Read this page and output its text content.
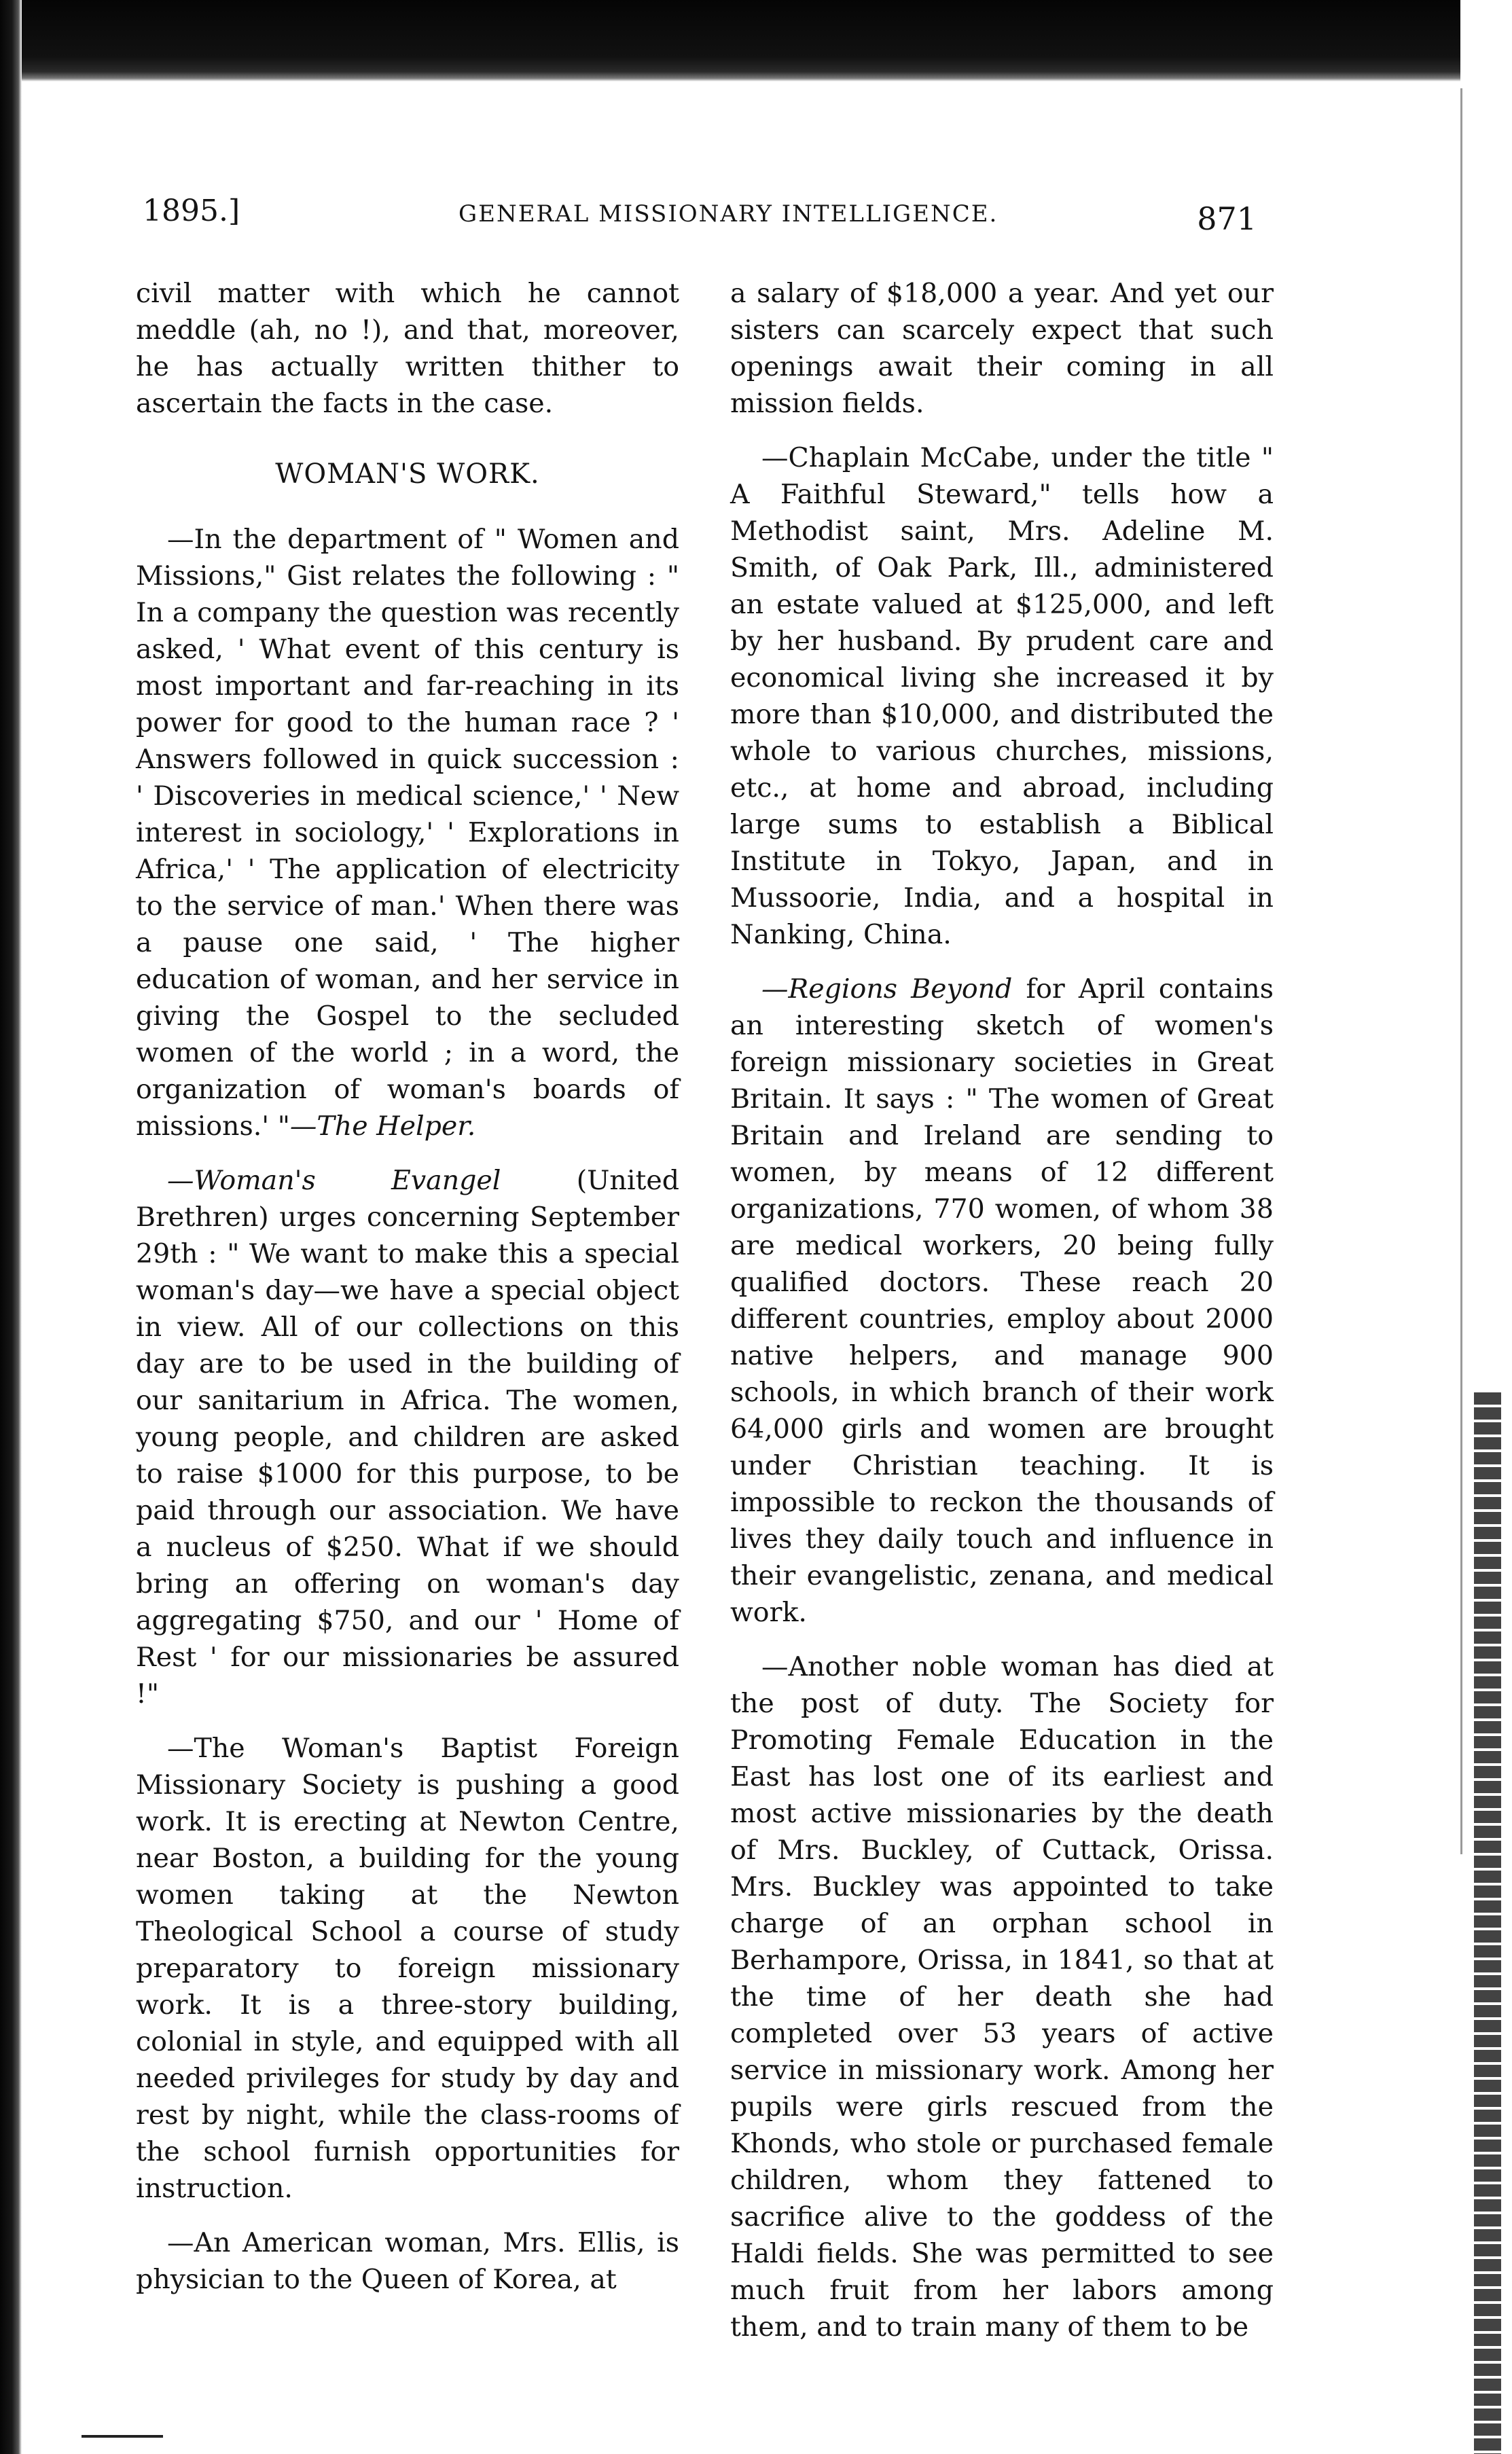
1895.]	GENERAL MISSIONARY INTELLIGENCE.	871

civil matter with which he cannot meddle (ah, no !), and that, moreover, he has actually written thither to ascertain the facts in the case.

WOMAN'S WORK.

—In the department of " Women and Missions," Gist relates the following : " In a company the question was recently asked, ' What event of this century is most important and far-reaching in its power for good to the human race ? ' Answers followed in quick succession : ' Discoveries in medical science,' ' New interest in sociology,' ' Explorations in Africa,' ' The application of electricity to the service of man.' When there was a pause one said, ' The higher education of woman, and her service in giving the Gospel to the secluded women of the world ; in a word, the organization of woman's boards of missions.' "—The Helper.

—Woman's Evangel (United Brethren) urges concerning September 29th : " We want to make this a special woman's day—we have a special object in view. All of our collections on this day are to be used in the building of our sanitarium in Africa. The women, young people, and children are asked to raise $1000 for this purpose, to be paid through our association. We have a nucleus of $250. What if we should bring an offering on woman's day aggregating $750, and our ' Home of Rest ' for our missionaries be assured !"

—The Woman's Baptist Foreign Missionary Society is pushing a good work. It is erecting at Newton Centre, near Boston, a building for the young women taking at the Newton Theological School a course of study preparatory to foreign missionary work. It is a three-story building, colonial in style, and equipped with all needed privileges for study by day and rest by night, while the class-rooms of the school furnish opportunities for instruction.

—An American woman, Mrs. Ellis, is physician to the Queen of Korea, at

a salary of $18,000 a year. And yet our sisters can scarcely expect that such openings await their coming in all mission fields.

—Chaplain McCabe, under the title " A Faithful Steward," tells how a Methodist saint, Mrs. Adeline M. Smith, of Oak Park, Ill., administered an estate valued at $125,000, and left by her husband. By prudent care and economical living she increased it by more than $10,000, and distributed the whole to various churches, missions, etc., at home and abroad, including large sums to establish a Biblical Institute in Tokyo, Japan, and in Mussoorie, India, and a hospital in Nanking, China.

—Regions Beyond for April contains an interesting sketch of women's foreign missionary societies in Great Britain. It says : " The women of Great Britain and Ireland are sending to women, by means of 12 different organizations, 770 women, of whom 38 are medical workers, 20 being fully qualified doctors. These reach 20 different countries, employ about 2000 native helpers, and manage 900 schools, in which branch of their work 64,000 girls and women are brought under Christian teaching. It is impossible to reckon the thousands of lives they daily touch and influence in their evangelistic, zenana, and medical work.

—Another noble woman has died at the post of duty. The Society for Promoting Female Education in the East has lost one of its earliest and most active missionaries by the death of Mrs. Buckley, of Cuttack, Orissa. Mrs. Buckley was appointed to take charge of an orphan school in Berhampore, Orissa, in 1841, so that at the time of her death she had completed over 53 years of active service in missionary work. Among her pupils were girls rescued from the Khonds, who stole or purchased female children, whom they fattened to sacrifice alive to the goddess of the Haldi fields. She was permitted to see much fruit from her labors among them, and to train many of them to be
